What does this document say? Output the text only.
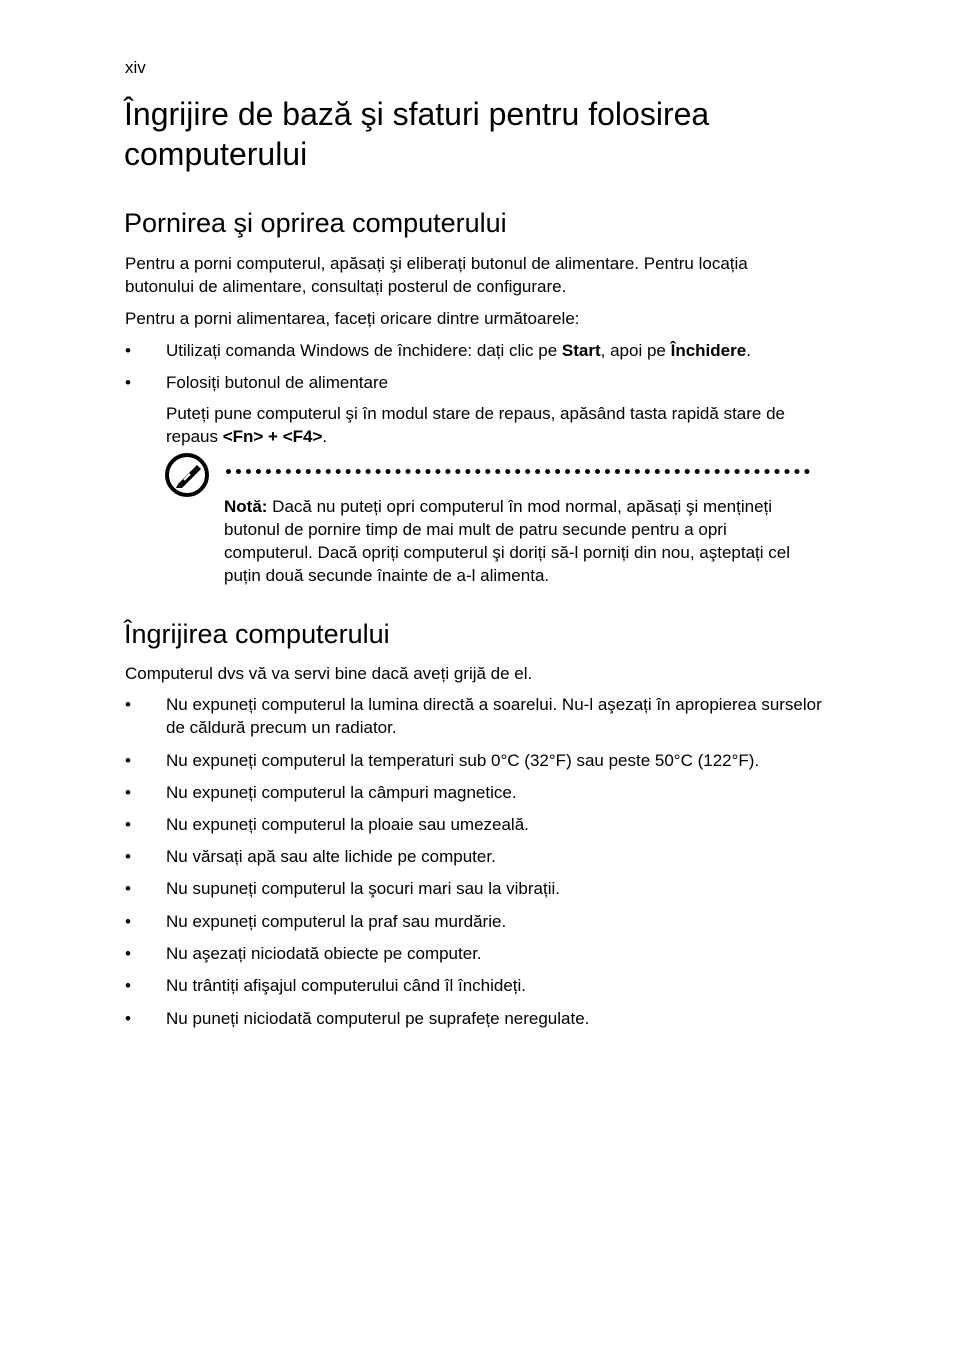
xiv
Îngrijire de bază şi sfaturi pentru folosirea computerului
Pornirea şi oprirea computerului

Pentru a porni computerul, apăsați şi eliberați butonul de alimentare. Pentru locația butonului de alimentare, consultați posterul de configurare.

Pentru a porni alimentarea, faceți oricare dintre următoarele:

•	Utilizați comanda Windows de închidere: dați clic pe Start, apoi pe Închidere.
•	Folosiți butonul de alimentare

Puteți pune computerul şi în modul stare de repaus, apăsând tasta rapidă stare de repaus <Fn> + <F4>.

Notă: Dacă nu puteți opri computerul în mod normal, apăsați şi mențineți butonul de pornire timp de mai mult de patru secunde pentru a opri computerul. Dacă opriți computerul şi doriți să-l porniți din nou, aşteptați cel puțin două secunde înainte de a-l alimenta.

Îngrijirea computerului

Computerul dvs vă va servi bine dacă aveți grijă de el.

•	Nu expuneți computerul la lumina directă a soarelui. Nu-l aşezați în apropierea surselor de căldură precum un radiator.
•	Nu expuneți computerul la temperaturi sub 0°C (32°F) sau peste 50°C (122°F).
•	Nu expuneți computerul la câmpuri magnetice.
•	Nu expuneți computerul la ploaie sau umezeală.
•	Nu vărsați apă sau alte lichide pe computer.
•	Nu supuneți computerul la şocuri mari sau la vibrații.
•	Nu expuneți computerul la praf sau murdărie.
•	Nu aşezați niciodată obiecte pe computer.
•	Nu trântiți afişajul computerului când îl închideți.
•	Nu puneți niciodată computerul pe suprafețe neregulate.
